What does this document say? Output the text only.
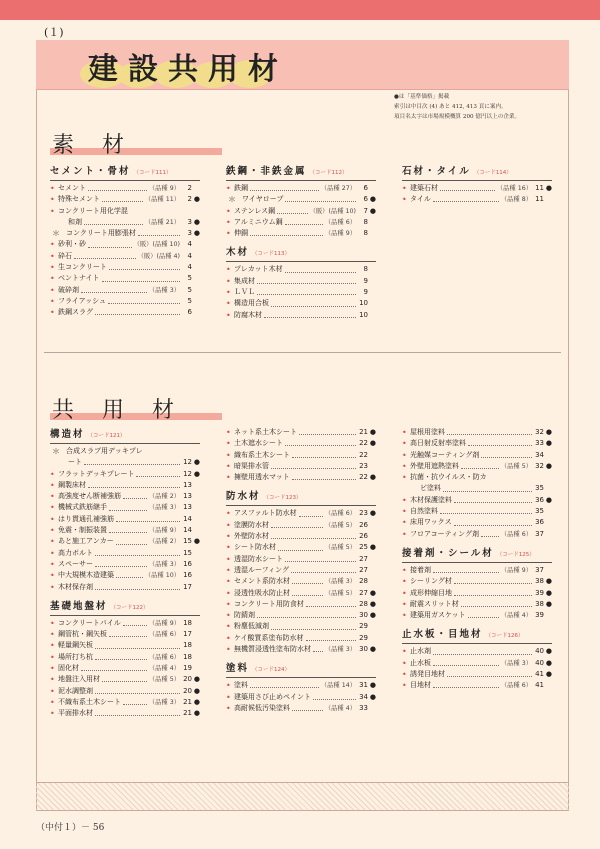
(１)
建設共用材
●は「基準価格」掲載
索引は中目次 (4) あと 412, 413 頁に案内。
項目名太字は市場規模概算 200 億円以上の企業。
素材
共用材
セメント・骨材 （コード111）
• セメント	（品種 9）	2
• 特殊セメント	（品種 11）	2 ●
• コンクリート用化学混
和剤	（品種 21）	3 ●
＊ コンクリート用膨張材	3 ●
• 砂利・砂	（販）(品種 10)	4
• 砕石	（販）(品種 4)	4
• 生コンクリート	4
• ベントナイト	5
• 破砕剤	（品種 3）	5
• フライアッシュ	5
• 鉄鋼スラグ	6
鉄鋼・非鉄金属 （コード112）
• 鉄鋼	（品種 27）	6
＊ ワイヤロープ	6 ●
• ステンレス鋼	（販）(品種 10)	7 ●
• アルミニウム鋼	（品種 6）	8
• 伸銅	（品種 9）	8
木材 （コード113）
• プレカット木材	8
• 集成材	9
• ＬＶＬ	9
• 構造用合板	10
• 防腐木材	10
石材・タイル （コード114）
• 建築石材	（品種 16） 11 ●
• タイル	（品種 8） 11
構造材 （コード121）
＊ 合成スラブ用デッキプレ
ート	12 ●
• フラットデッキプレート	12 ●
• 鋼製床材	13
• 高強度せん断補強筋	（品種 2） 13
• 機械式鉄筋継手	（品種 3） 13
• はり貫通孔補強筋	14
• 免震・制振装置	（品種 9） 14
• あと施工アンカー	（品種 2） 15 ●
• 高力ボルト	15
• スペーサー	（品種 3） 16
• 中大規模木造建築	（品種 10） 16
• 木材保存剤	17
基礎地盤材 （コード122）
• コンクリートパイル	（品種 9） 18
• 鋼管杭・鋼矢板	（品種 6） 17
• 軽量鋼矢板	18
• 場所打ち杭	（品種 6） 18
• 固化材	（品種 4） 19
• 地盤注入用材	（品種 5） 20 ●
• 泥水調整剤	20 ●
• 不織布系土木シート	（品種 3） 21 ●
• 平面排水材	21 ●
• ネット系土木シート	21 ●
• 土木遮水シート	22 ●
• 織布系土木シート	22
• 暗渠排水管	23
• 擁壁用透水マット	22 ●
防水材 （コード123）
• アスファルト防水材	（品種 6） 23 ●
• 塗膜防水材	（品種 5） 26
• 外壁防水材	26
• シート防水材	（品種 5） 25 ●
• 透湿防水シート	27
• 透湿ルーフィング	27
• セメント系防水材	（品種 3） 28
• 浸透性吸水防止材	（品種 5） 27 ●
• コンクリート用防食材	28 ●
• 防錆剤	30 ●
• 粉塵低減剤	29
• ケイ酸質系塗布防水材	29
• 無機質浸透性塗布防水材 （品種 3） 30 ●
塗料 （コード124）
• 塗料	（品種 14） 31 ●
• 建築用さび止めペイント	34 ●
• 高耐候低汚染塗料	（品種 4） 33
• 屋根用塗料	32 ●
• 高日射反射率塗料	33 ●
• 光触媒コーティング剤	34
• 外壁用遮熱塗料	（品種 5） 32 ●
• 抗菌・抗ウイルス・防カ
ビ塗料	35
• 木材保護塗料	36 ●
• 自然塗料	35
• 床用ワックス	36
• フロアコーティング剤	（品種 6） 37
接着剤・シール材 （コード125）
• 接着剤	（品種 9） 37
• シーリング材	38 ●
• 成形伸縮目地	39 ●
• 耐震スリット材	38 ●
• 建築用ガスケット	（品種 4） 39
止水板・目地材 （コード126）
• 止水剤	40 ●
• 止水板	（品種 3） 40 ●
• 誘発目地材	41 ●
• 目地材	（品種 6） 41
（中付１）－ 56
